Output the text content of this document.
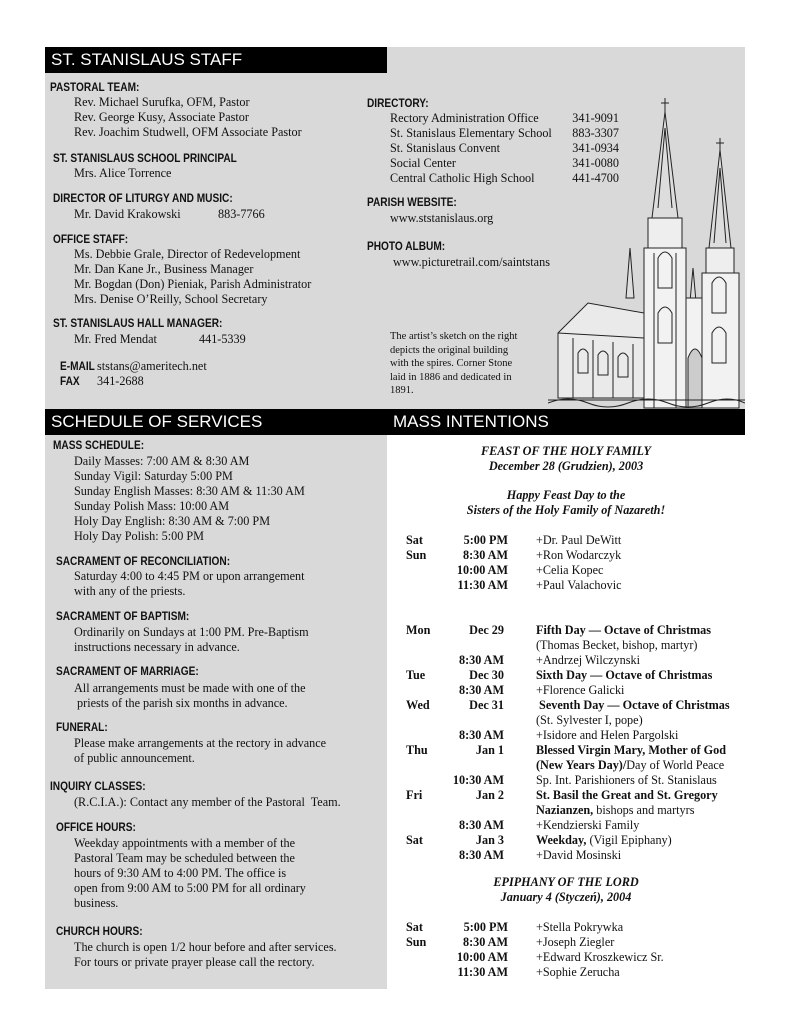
ST. STANISLAUS STAFF
PASTORAL TEAM:
Rev. Michael Surufka, OFM, Pastor
Rev. George Kusy, Associate Pastor
Rev. Joachim Studwell, OFM Associate Pastor
ST. STANISLAUS SCHOOL PRINCIPAL
Mrs. Alice Torrence
DIRECTOR OF LITURGY AND MUSIC:
Mr. David Krakowski	883-7766
OFFICE STAFF:
Ms. Debbie Grale, Director of Redevelopment
Mr. Dan Kane Jr., Business Manager
Mr. Bogdan (Don) Pieniak, Parish Administrator
Mrs. Denise O’Reilly, School Secretary
ST. STANISLAUS HALL MANAGER:
Mr. Fred Mendat	441-5339
E-MAIL ststans@ameritech.net
FAX 341-2688
DIRECTORY:
Rectory Administration Office	341-9091
St. Stanislaus Elementary School 883-3307
St. Stanislaus Convent	341-0934
Social Center	341-0080
Central Catholic High School	441-4700
PARISH WEBSITE:
www.ststanislaus.org
PHOTO ALBUM:
www.picturetrail.com/saintstans
The artist’s sketch on the right
depicts the original building
with the spires. Corner Stone
laid in 1886 and dedicated in
1891.
SCHEDULE OF SERVICES	MASS INTENTIONS
MASS SCHEDULE:
Daily Masses: 7:00 AM & 8:30 AM
Sunday Vigil: Saturday 5:00 PM
Sunday English Masses: 8:30 AM & 11:30 AM
Sunday Polish Mass: 10:00 AM
Holy Day English: 8:30 AM & 7:00 PM
Holy Day Polish: 5:00 PM
SACRAMENT OF RECONCILIATION:
Saturday 4:00 to 4:45 PM or upon arrangement
with any of the priests.
SACRAMENT OF BAPTISM:
Ordinarily on Sundays at 1:00 PM. Pre-Baptism
instructions necessary in advance.
SACRAMENT OF MARRIAGE:
All arrangements must be made with one of the
priests of the parish six months in advance.
FUNERAL:
Please make arrangements at the rectory in advance
of public announcement.
INQUIRY CLASSES:
(R.C.I.A.): Contact any member of the Pastoral  Team.
OFFICE HOURS:
Weekday appointments with a member of the
Pastoral Team may be scheduled between the
hours of 9:30 AM to 4:00 PM. The office is
open from 9:00 AM to 5:00 PM for all ordinary
business.
CHURCH HOURS:
The church is open 1/2 hour before and after services.
For tours or private prayer please call the rectory.
FEAST OF THE HOLY FAMILY
December 28 (Grudzien), 2003
Happy Feast Day to the
Sisters of the Holy Family of Nazareth!
Sat	5:00 PM +Dr. Paul DeWitt
Sun	8:30 AM +Ron Wodarczyk
10:00 AM +Celia Kopec
11:30 AM +Paul Valachovic
Mon	Dec 29	Fifth Day — Octave of Christmas
(Thomas Becket, bishop, martyr)
8:30 AM	+Andrzej Wilczynski
Tue	Dec 30	Sixth Day — Octave of Christmas
8:30 AM	+Florence Galicki
Wed	Dec 31	Seventh Day — Octave of Christmas
(St. Sylvester I, pope)
8:30 AM	+Isidore and Helen Pargolski
Thu	Jan 1	Blessed Virgin Mary, Mother of God
(New Years Day)/Day of World Peace
10:30 AM	Sp. Int. Parishioners of St. Stanislaus
Fri	Jan 2	St. Basil the Great and St. Gregory
Nazianzen, bishops and martyrs
8:30 AM	+Kendzierski Family
Sat	Jan 3	Weekday, (Vigil Epiphany)
8:30 AM	+David Mosinski
EPIPHANY OF THE LORD
January 4 (Styczeń), 2004
Sat	5:00 PM +Stella Pokrywka
Sun	8:30 AM +Joseph Ziegler
10:00 AM +Edward Kroszkewicz Sr.
11:30 AM +Sophie Zerucha
